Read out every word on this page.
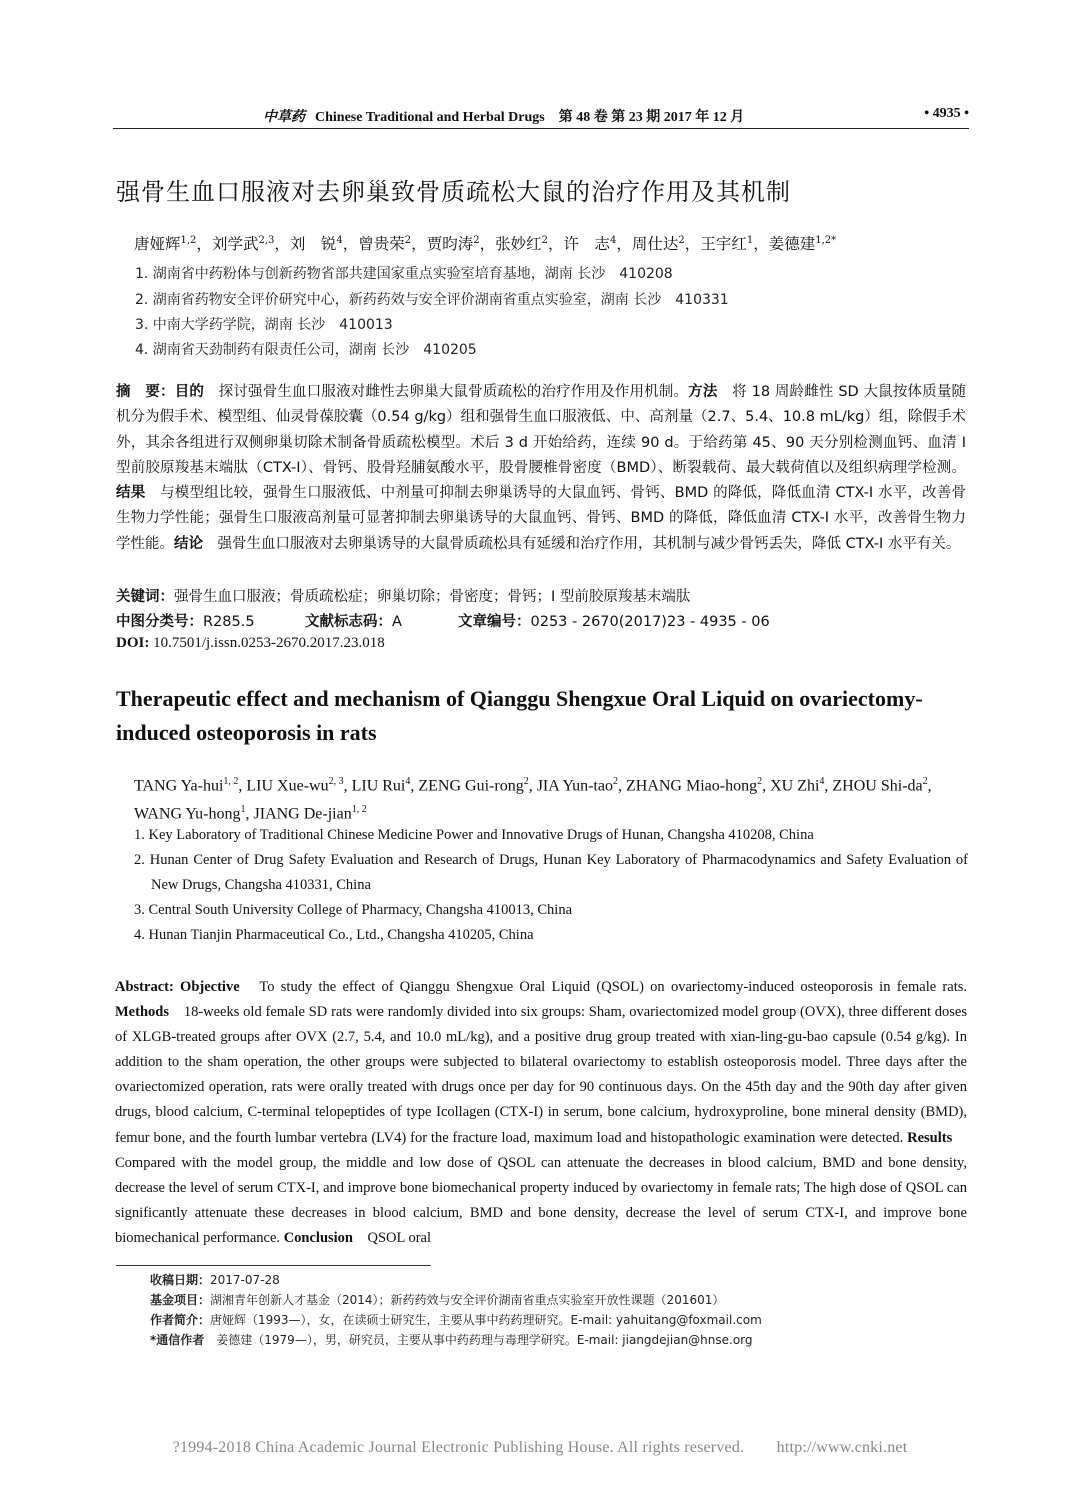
中草药 Chinese Traditional and Herbal Drugs　 第 48 卷 第 23 期 2017 年 12 月	• 4935 •
强骨生血口服液对去卵巢致骨质疏松大鼠的治疗作用及其机制
唐娅辉$^{1,2}$，刘学武$^{2,3}$，刘　锐$^4$，曾贵荣$^2$，贾昀涛$^2$，张妙红$^2$，许　志$^4$，周仕达$^2$，王宇红$^1$，姜德建$^{1,2*}$
1. 湖南省中药粉体与创新药物省部共建国家重点实验室培育基地，湖南 长沙　410208
2. 湖南省药物安全评价研究中心，新药药效与安全评价湖南省重点实验室，湖南 长沙　410331
3. 中南大学药学院，湖南 长沙　410013
4. 湖南省天劲制药有限责任公司，湖南 长沙　410205

摘　要：目的　探讨强骨生血口服液对雌性去卵巢大鼠骨质疏松的治疗作用及作用机制。方法　将 18 周龄雌性 SD 大鼠按体质量随机分为假手术、模型组、仙灵骨葆胶囊（0.54 g/kg）组和强骨生血口服液低、中、高剂量（2.7、5.4、10.8 mL/kg）组，除假手术外，其余各组进行双侧卵巢切除术制备骨质疏松模型。术后 3 d 开始给药，连续 90 d。于给药第 45、90 天分别检测血钙、血清 I 型前胶原羧基末端肽（CTX-I）、骨钙、股骨羟脯氨酸水平，股骨腰椎骨密度（BMD）、断裂载荷、最大载荷值以及组织病理学检测。结果　与模型组比较，强骨生口服液低、中剂量可抑制去卵巢诱导的大鼠血钙、骨钙、BMD 的降低，降低血清 CTX-I 水平，改善骨生物力学性能；强骨生口服液高剂量可显著抑制去卵巢诱导的大鼠血钙、骨钙、BMD 的降低，降低血清 CTX-I 水平，改善骨生物力学性能。结论　强骨生血口服液对去卵巢诱导的大鼠骨质疏松具有延缓和治疗作用，其机制与减少骨钙丢失，降低 CTX-I 水平有关。

关键词：强骨生血口服液；骨质疏松症；卵巢切除；骨密度；骨钙；I 型前胶原羧基末端肽
中图分类号：R285.5	文献标志码：A	文章编号：0253 - 2670(2017)23 - 4935 - 06
DOI: 10.7501/j.issn.0253-2670.2017.23.018

Therapeutic effect and mechanism of Qianggu Shengxue Oral Liquid on ovariectomy-induced osteoporosis in rats

TANG Ya-hui$^{1, 2}$, LIU Xue-wu$^{2, 3}$, LIU Rui$^4$, ZENG Gui-rong$^2$, JIA Yun-tao$^2$, ZHANG Miao-hong$^2$, XU Zhi$^4$, ZHOU Shi-$da^2$, WANG Yu-hong$^1$, JIANG De-jian$^{1, 2}$

1. Key Laboratory of Traditional Chinese Medicine Power and Innovative Drugs of Hunan, Changsha 410208, China

2. Hunan Center of Drug Safety Evaluation and Research of Drugs, Hunan Key Laboratory of Pharmacodynamics and Safety Evaluation of New Drugs, Changsha 410331, China

3. Central South University College of Pharmacy, Changsha 410013, China

4. Hunan Tianjin Pharmaceutical Co., Ltd., Changsha 410205, China

Abstract: Objective　To study the effect of Qianggu Shengxue Oral Liquid (QSOL) on ovariectomy-induced osteoporosis in female rats. Methods　18-weeks old female SD rats were randomly divided into six groups: Sham, ovariectomized model group (OVX), three different doses of XLGB-treated groups after OVX (2.7, 5.4, and 10.0 mL/kg), and a positive drug group treated with xian-ling-gu-bao capsule (0.54 g/kg). In addition to the sham operation, the other groups were subjected to bilateral ovariectomy to establish osteoporosis model. Three days after the ovariectomized operation, rats were orally treated with drugs once per day for 90 continuous days. On the 45th day and the 90th day after given drugs, blood calcium, C-terminal telopeptides of type Icollagen (CTX-I) in serum, bone calcium, hydroxyproline, bone mineral density (BMD), femur bone, and the fourth lumbar vertebra (LV4) for the fracture load, maximum load and histopathologic examination were detected. Results　Compared with the model group, the middle and low dose of QSOL can attenuate the decreases in blood calcium, BMD and bone density, decrease the level of serum CTX-I, and improve bone biomechanical property induced by ovariectomy in female rats; The high dose of QSOL can significantly attenuate these decreases in blood calcium, BMD and bone density, decrease the level of serum CTX-I, and improve bone biomechanical performance. Conclusion　QSOL oral

收稿日期：2017-07-28
基金项目：湖湘青年创新人才基金（2014）；新药药效与安全评价湖南省重点实验室开放性课题（201601）
作者简介：唐娅辉（1993—），女，在读硕士研究生，主要从事中药药理研究。E-mail: yahuitang@foxmail.com
*通信作者　姜德建（1979—），男，研究员，主要从事中药药理与毒理学研究。E-mail: jiangdejian@hnse.org
?1994-2018 China Academic Journal Electronic Publishing House. All rights reserved.　　http://www.cnki.net
